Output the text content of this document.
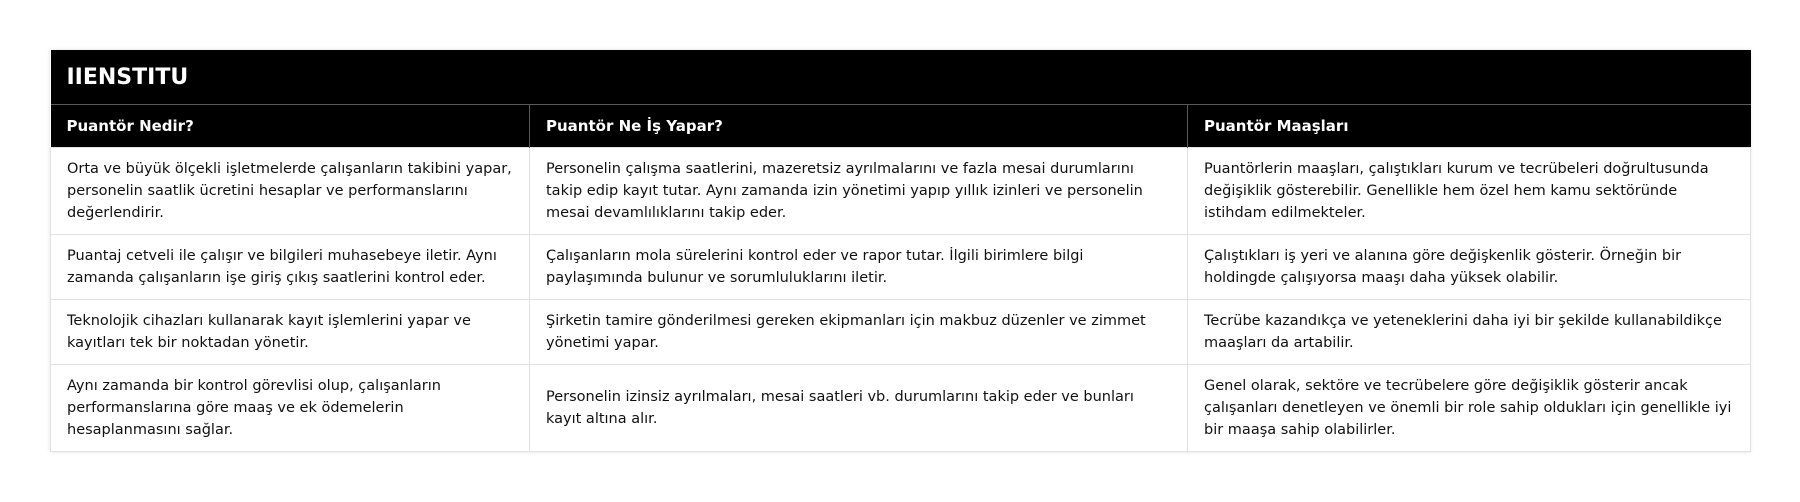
IIENSTITU		
Puantör Nedir?	Puantör Ne İş Yapar?	Puantör Maaşları
Orta ve büyük ölçekli işletmelerde çalışanların takibini yapar, personelin saatlik ücretini hesaplar ve performanslarını değerlendirir.	Personelin çalışma saatlerini, mazeretsiz ayrılmalarını ve fazla mesai durumlarını takip edip kayıt tutar. Aynı zamanda izin yönetimi yapıp yıllık izinleri ve personelin mesai devamlılıklarını takip eder.	Puantörlerin maaşları, çalıştıkları kurum ve tecrübeleri doğrultusunda değişiklik gösterebilir. Genellikle hem özel hem kamu sektöründe istihdam edilmekteler.
Puantaj cetveli ile çalışır ve bilgileri muhasebeye iletir. Aynı zamanda çalışanların işe giriş çıkış saatlerini kontrol eder.	Çalışanların mola sürelerini kontrol eder ve rapor tutar. İlgili birimlere bilgi paylaşımında bulunur ve sorumluluklarını iletir.	Çalıştıkları iş yeri ve alanına göre değişkenlik gösterir. Örneğin bir holdingde çalışıyorsa maaşı daha yüksek olabilir.
Teknolojik cihazları kullanarak kayıt işlemlerini yapar ve kayıtları tek bir noktadan yönetir.	Şirketin tamire gönderilmesi gereken ekipmanları için makbuz düzenler ve zimmet yönetimi yapar.	Tecrübe kazandıkça ve yeteneklerini daha iyi bir şekilde kullanabildikçe maaşları da artabilir.
Aynı zamanda bir kontrol görevlisi olup, çalışanların performanslarına göre maaş ve ek ödemelerin hesaplanmasını sağlar.	Personelin izinsiz ayrılmaları, mesai saatleri vb. durumlarını takip eder ve bunları kayıt altına alır.	Genel olarak, sektöre ve tecrübelere göre değişiklik gösterir ancak çalışanları denetleyen ve önemli bir role sahip oldukları için genellikle iyi bir maaşa sahip olabilirler.
